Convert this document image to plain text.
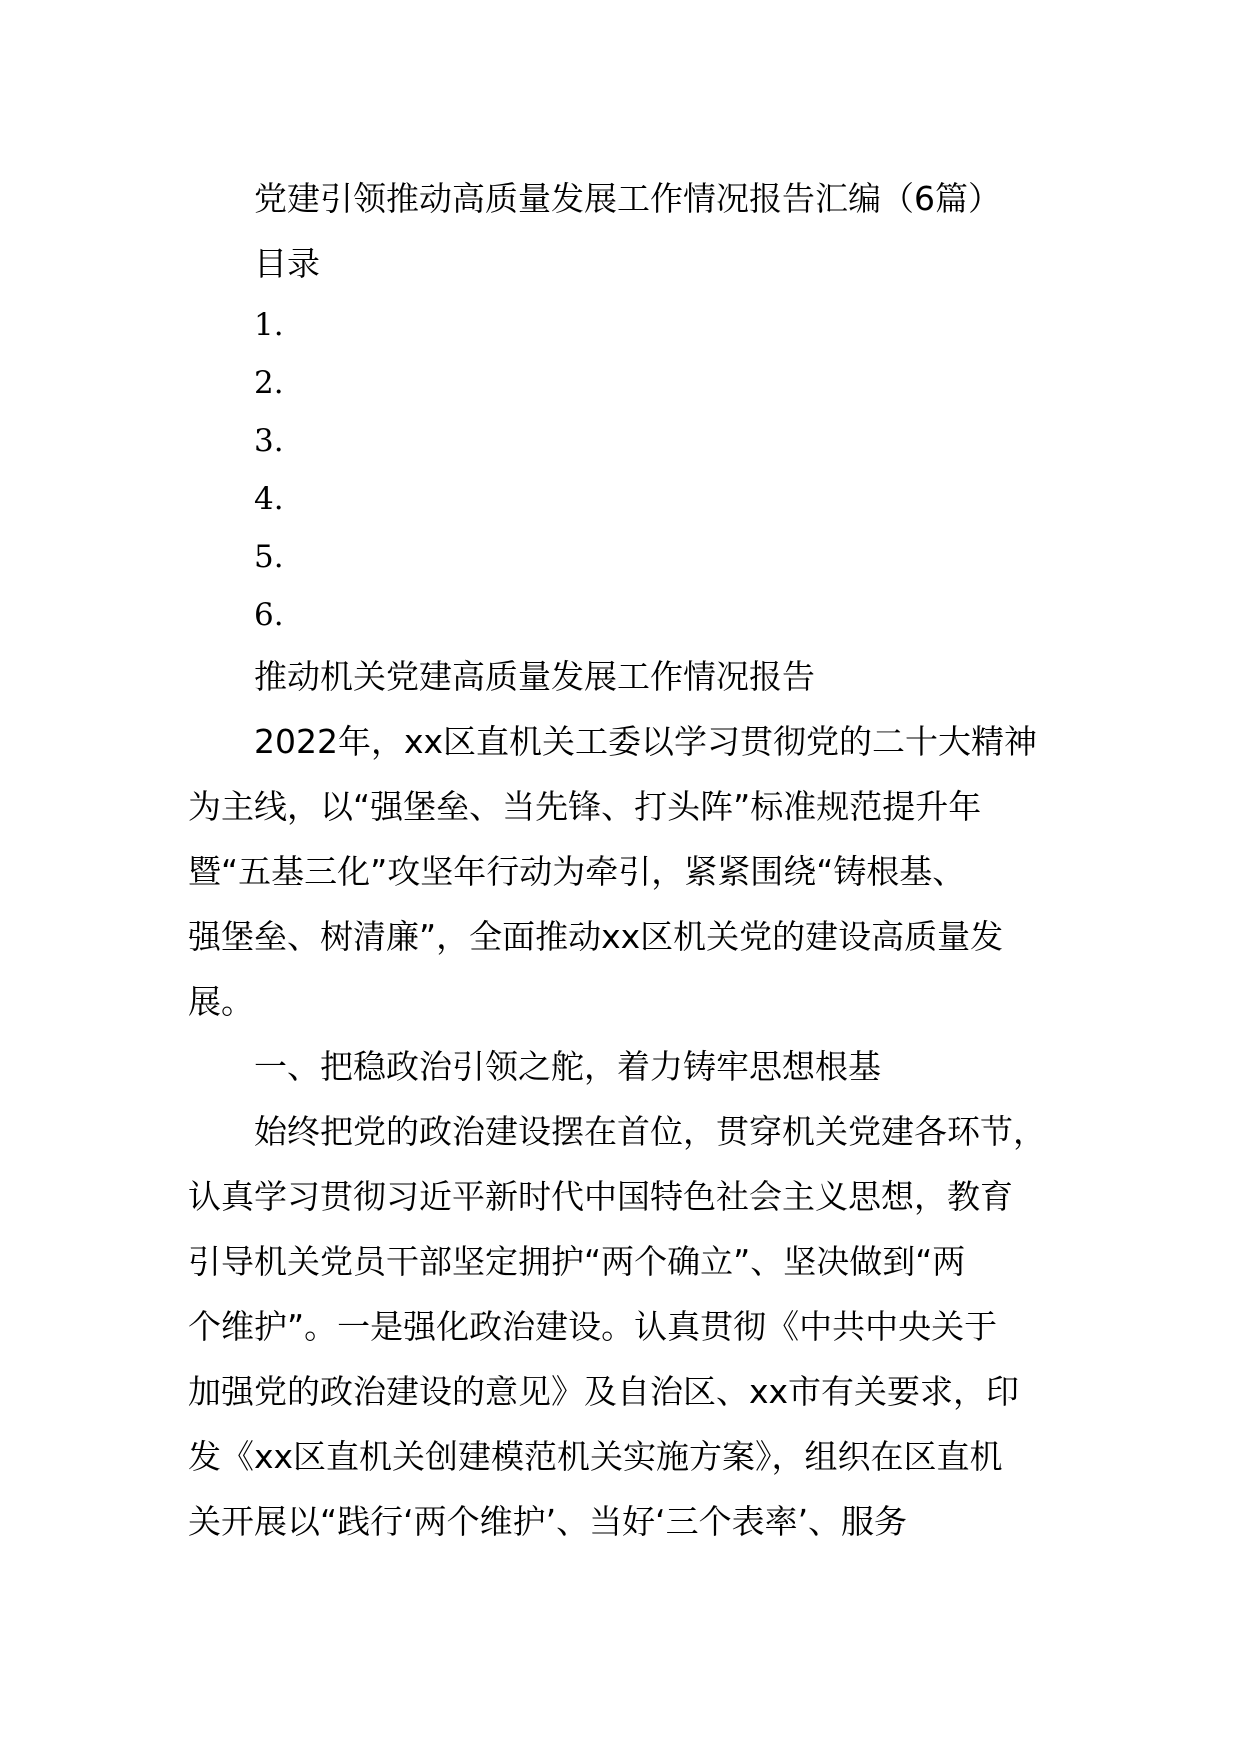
党建引领推动高质量发展工作情况报告汇编（6篇）
目录
1.
2.
3.
4.
5.
6.
推动机关党建高质量发展工作情况报告
2022年，xx区直机关工委以学习贯彻党的二十大精神
为主线，以“强堡垒、当先锋、打头阵”标准规范提升年
暨“五基三化”攻坚年行动为牵引，紧紧围绕“铸根基、
强堡垒、树清廉”，全面推动xx区机关党的建设高质量发
展。
一、把稳政治引领之舵，着力铸牢思想根基
始终把党的政治建设摆在首位，贯穿机关党建各环节，
认真学习贯彻习近平新时代中国特色社会主义思想，教育
引导机关党员干部坚定拥护“两个确立”、坚决做到“两
个维护”。一是强化政治建设。认真贯彻《中共中央关于
加强党的政治建设的意见》及自治区、xx市有关要求，印
发《xx区直机关创建模范机关实施方案》，组织在区直机
关开展以“践行‘两个维护’、当好‘三个表率’、服务
